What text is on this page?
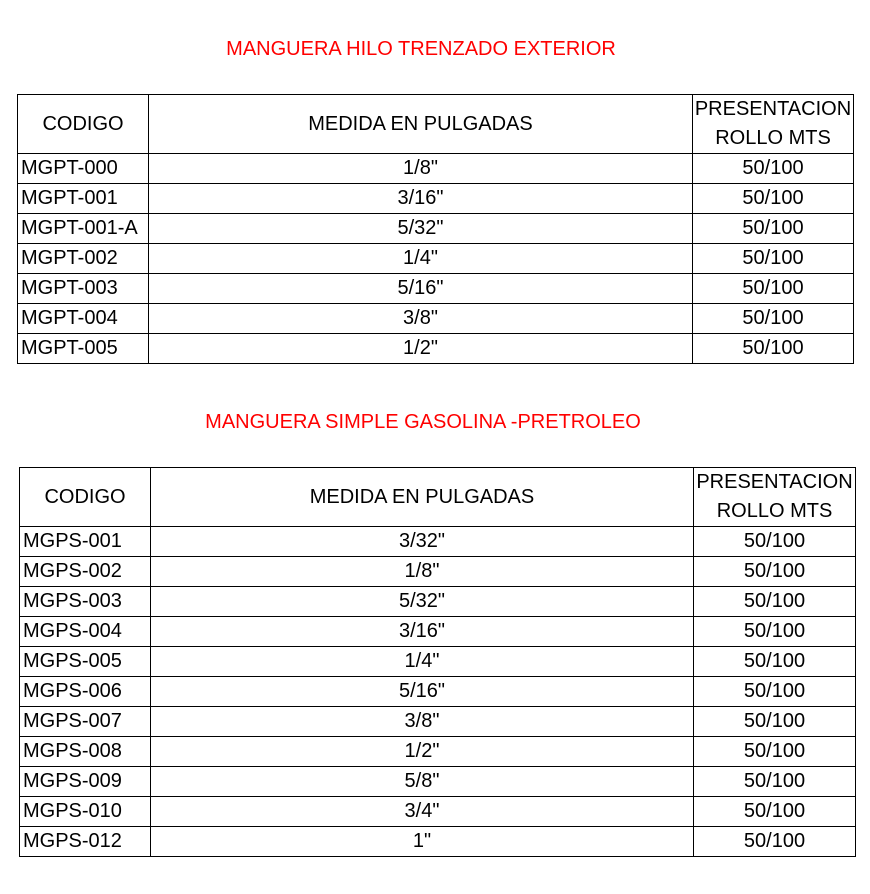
MANGUERA HILO TRENZADO EXTERIOR
CODIGO	MEDIDA EN PULGADAS	PRESENTACION
ROLLO MTS
MGPT-000	1/8"	50/100
MGPT-001	3/16"	50/100
MGPT-001-A	5/32"	50/100
MGPT-002	1/4"	50/100
MGPT-003	5/16"	50/100
MGPT-004	3/8"	50/100
MGPT-005	1/2"	50/100
MANGUERA SIMPLE GASOLINA -PRETROLEO
CODIGO	MEDIDA EN PULGADAS	PRESENTACION
ROLLO MTS
MGPS-001	3/32"	50/100
MGPS-002	1/8"	50/100
MGPS-003	5/32"	50/100
MGPS-004	3/16"	50/100
MGPS-005	1/4"	50/100
MGPS-006	5/16"	50/100
MGPS-007	3/8"	50/100
MGPS-008	1/2"	50/100
MGPS-009	5/8"	50/100
MGPS-010	3/4"	50/100
MGPS-012	1"	50/100
